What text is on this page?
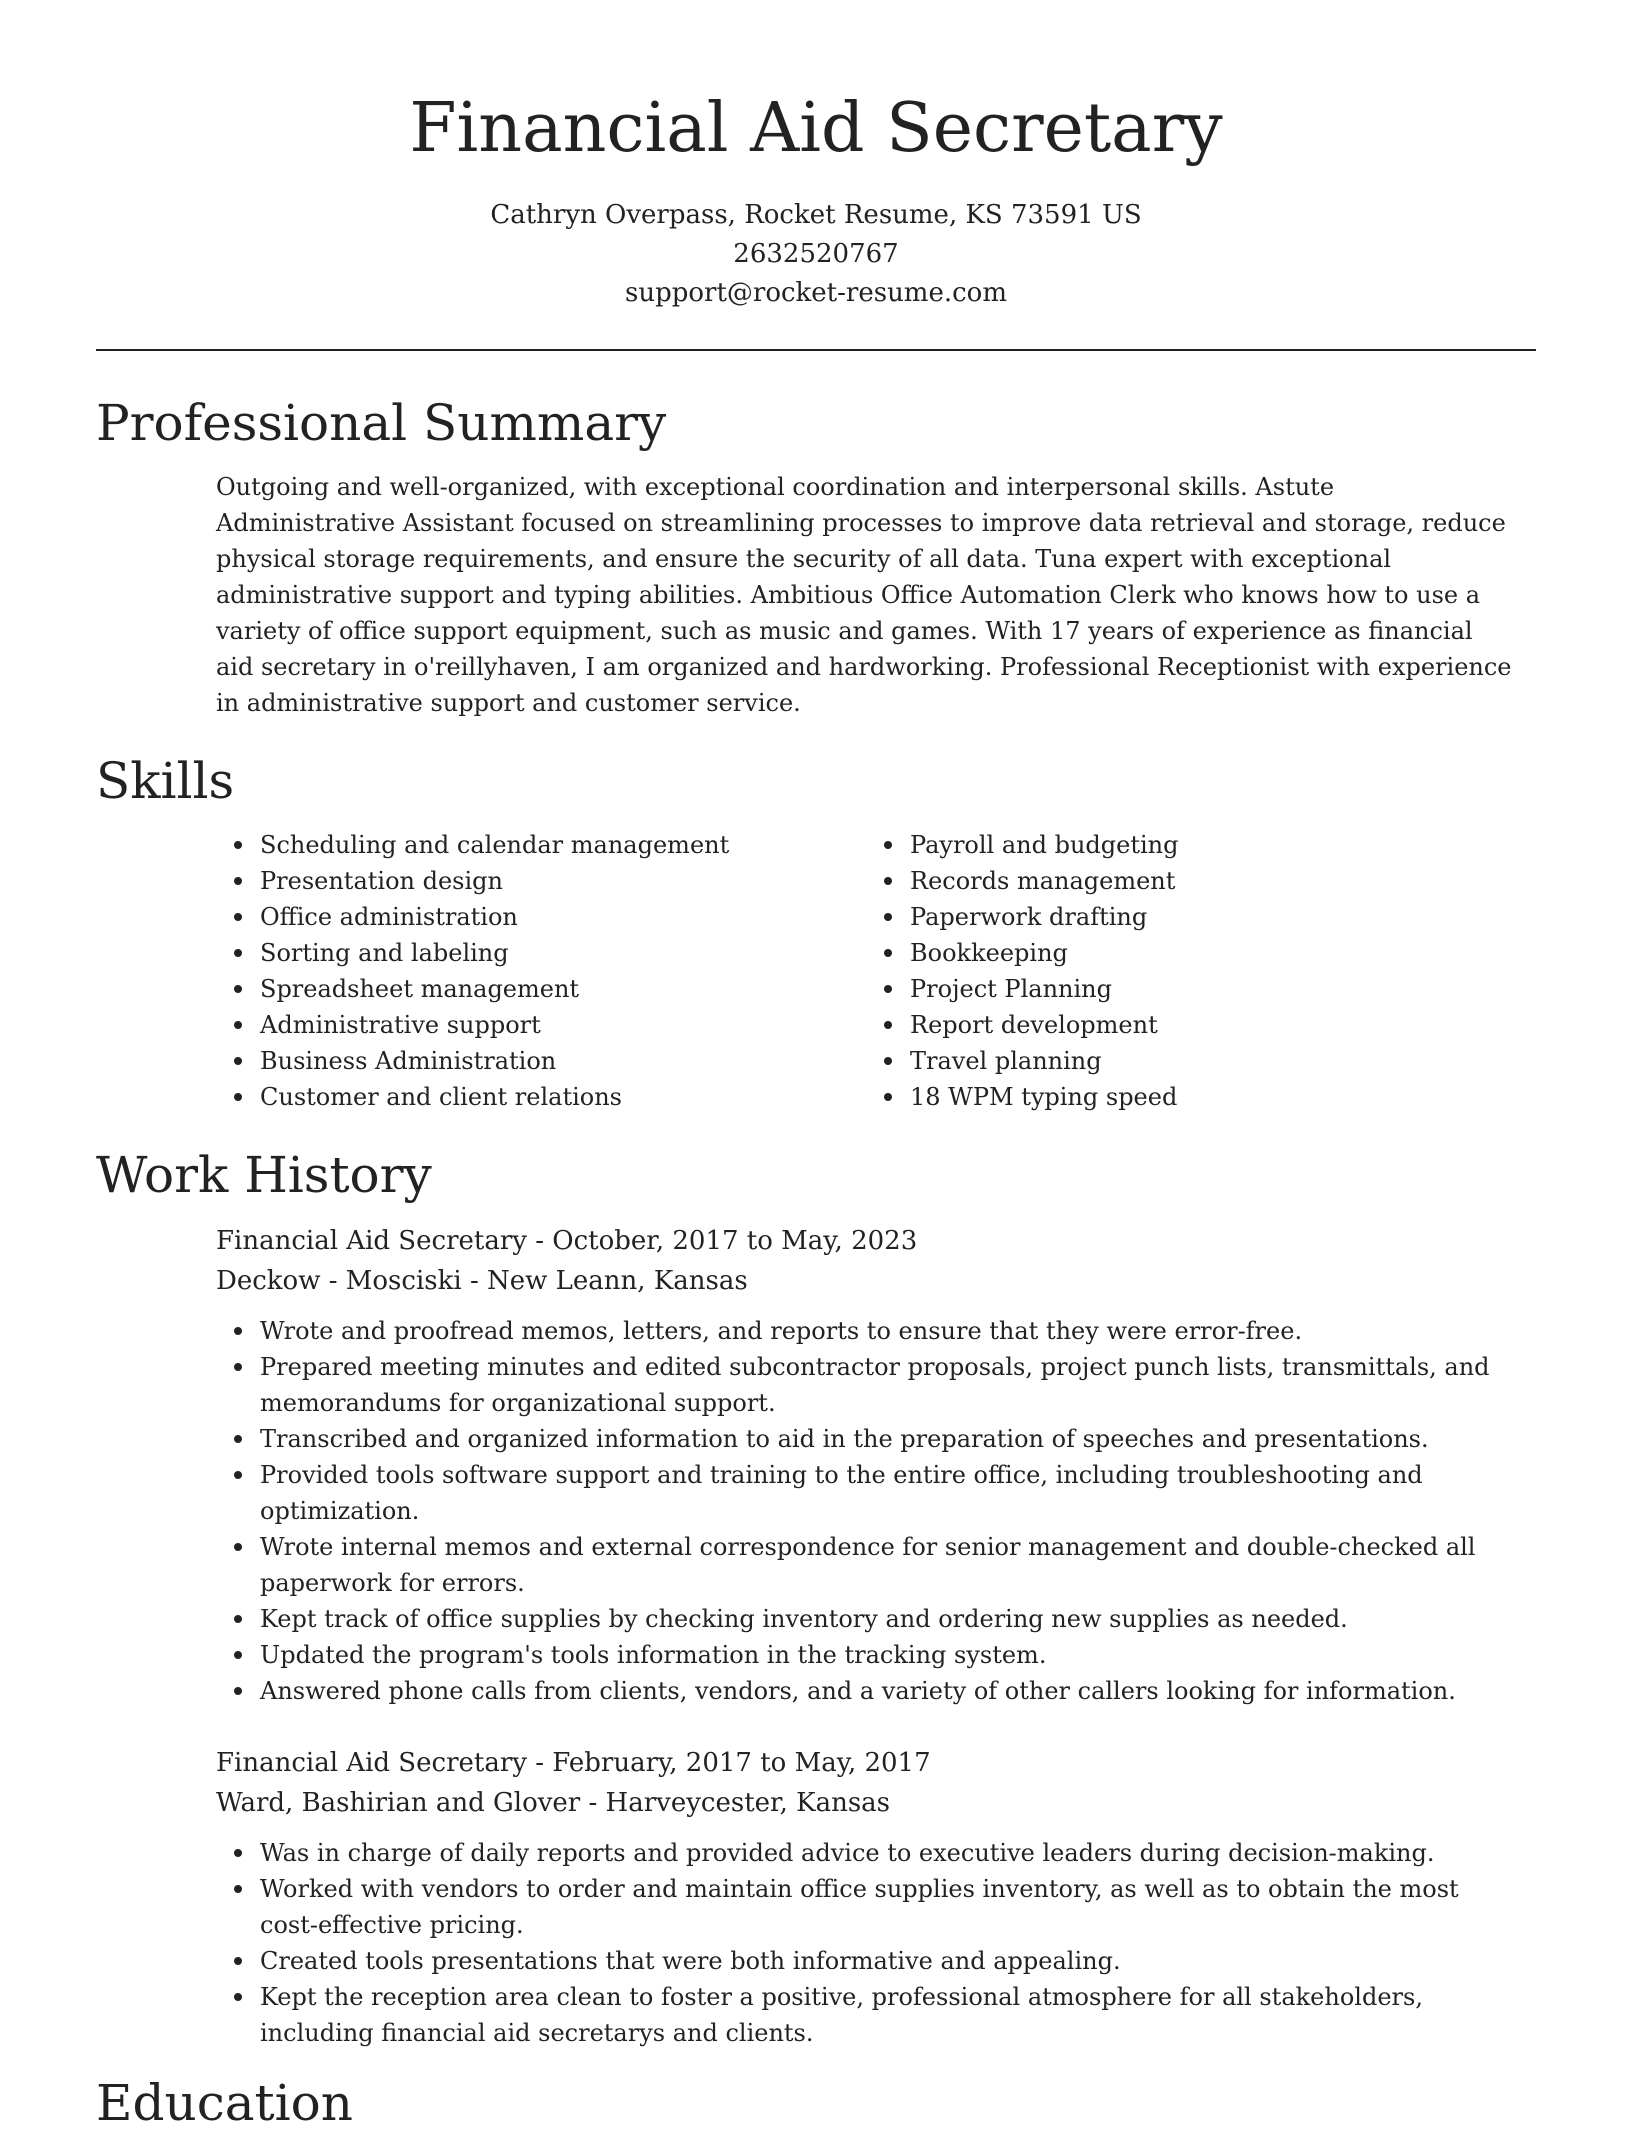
Financial Aid Secretary
Cathryn Overpass, Rocket Resume, KS 73591 US
2632520767
support@rocket-resume.com
Professional Summary

Outgoing and well-organized, with exceptional coordination and interpersonal skills. Astute Administrative Assistant focused on streamlining processes to improve data retrieval and storage, reduce physical storage requirements, and ensure the security of all data. Tuna expert with exceptional administrative support and typing abilities. Ambitious Office Automation Clerk who knows how to use a variety of office support equipment, such as music and games. With 17 years of experience as financial aid secretary in o'reillyhaven, I am organized and hardworking. Professional Receptionist with experience in administrative support and customer service.

Skills
Scheduling and calendar management
Presentation design
Office administration
Sorting and labeling
Spreadsheet management
Administrative support
Business Administration
Customer and client relations
Payroll and budgeting
Records management
Paperwork drafting
Bookkeeping
Project Planning
Report development
Travel planning
18 WPM typing speed
Work History
Financial Aid Secretary - October, 2017 to May, 2023
Deckow - Mosciski - New Leann, Kansas
Wrote and proofread memos, letters, and reports to ensure that they were error-free.
Prepared meeting minutes and edited subcontractor proposals, project punch lists, transmittals, and memorandums for organizational support.
Transcribed and organized information to aid in the preparation of speeches and presentations.
Provided tools software support and training to the entire office, including troubleshooting and optimization.
Wrote internal memos and external correspondence for senior management and double-checked all paperwork for errors.
Kept track of office supplies by checking inventory and ordering new supplies as needed.
Updated the program's tools information in the tracking system.
Answered phone calls from clients, vendors, and a variety of other callers looking for information.
Financial Aid Secretary - February, 2017 to May, 2017
Ward, Bashirian and Glover - Harveycester, Kansas
Was in charge of daily reports and provided advice to executive leaders during decision-making.
Worked with vendors to order and maintain office supplies inventory, as well as to obtain the most cost-effective pricing.
Created tools presentations that were both informative and appealing.
Kept the reception area clean to foster a positive, professional atmosphere for all stakeholders, including financial aid secretarys and clients.
Education
